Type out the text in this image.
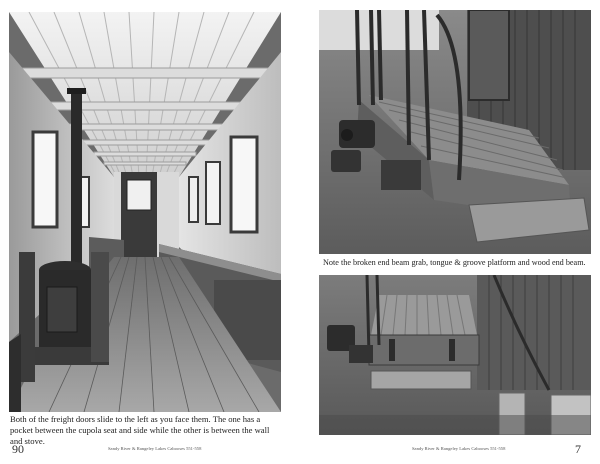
Both of the freight doors slide to the left as you face them. The one has a pocket between the cupola seat and side while the other is between the wall and stove.
90	Sandy River & Rangeley Lakes Cabooses 551-558
Note the broken end beam grab, tongue & groove platform and wood end beam.
7
Sandy River & Rangeley Lakes Cabooses 551-558
